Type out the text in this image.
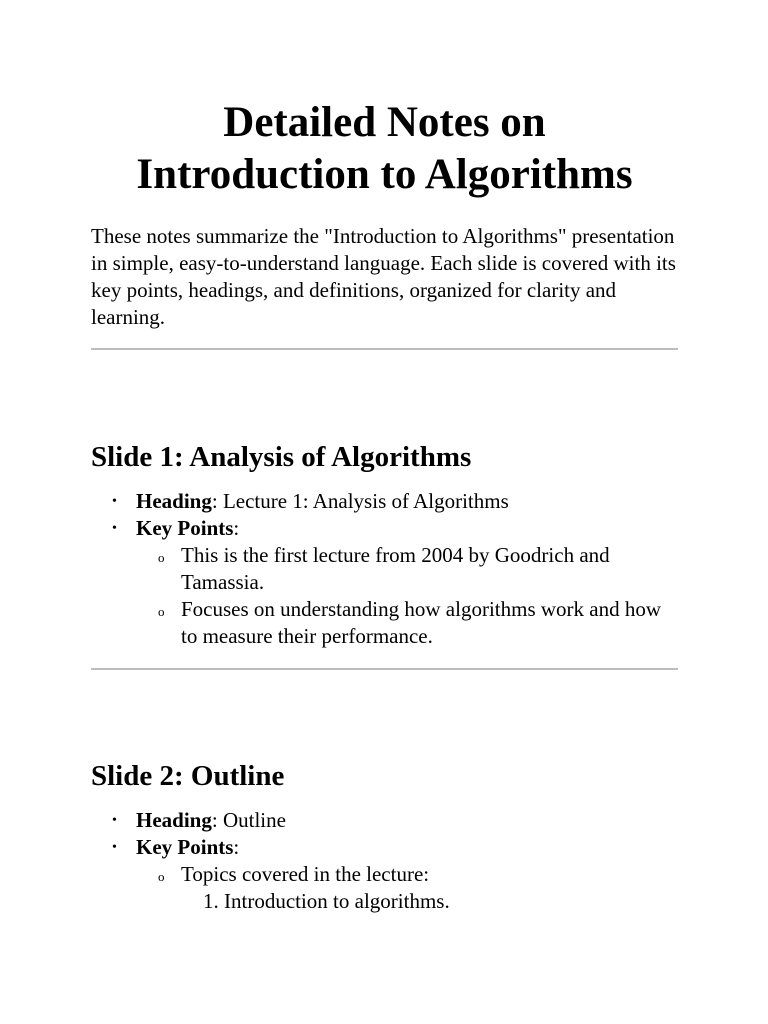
Detailed Notes on
Introduction to Algorithms

These notes summarize the "Introduction to Algorithms" presentation in simple, easy-to-understand language. Each slide is covered with its key points, headings, and definitions, organized for clarity and learning.

Slide 1: Analysis of Algorithms
• Heading: Lecture 1: Analysis of Algorithms
• Key Points:
o This is the first lecture from 2004 by Goodrich and Tamassia.
o Focuses on understanding how algorithms work and how to measure their performance.
Slide 2: Outline
• Heading: Outline
• Key Points:
o Topics covered in the lecture:
1. Introduction to algorithms.
